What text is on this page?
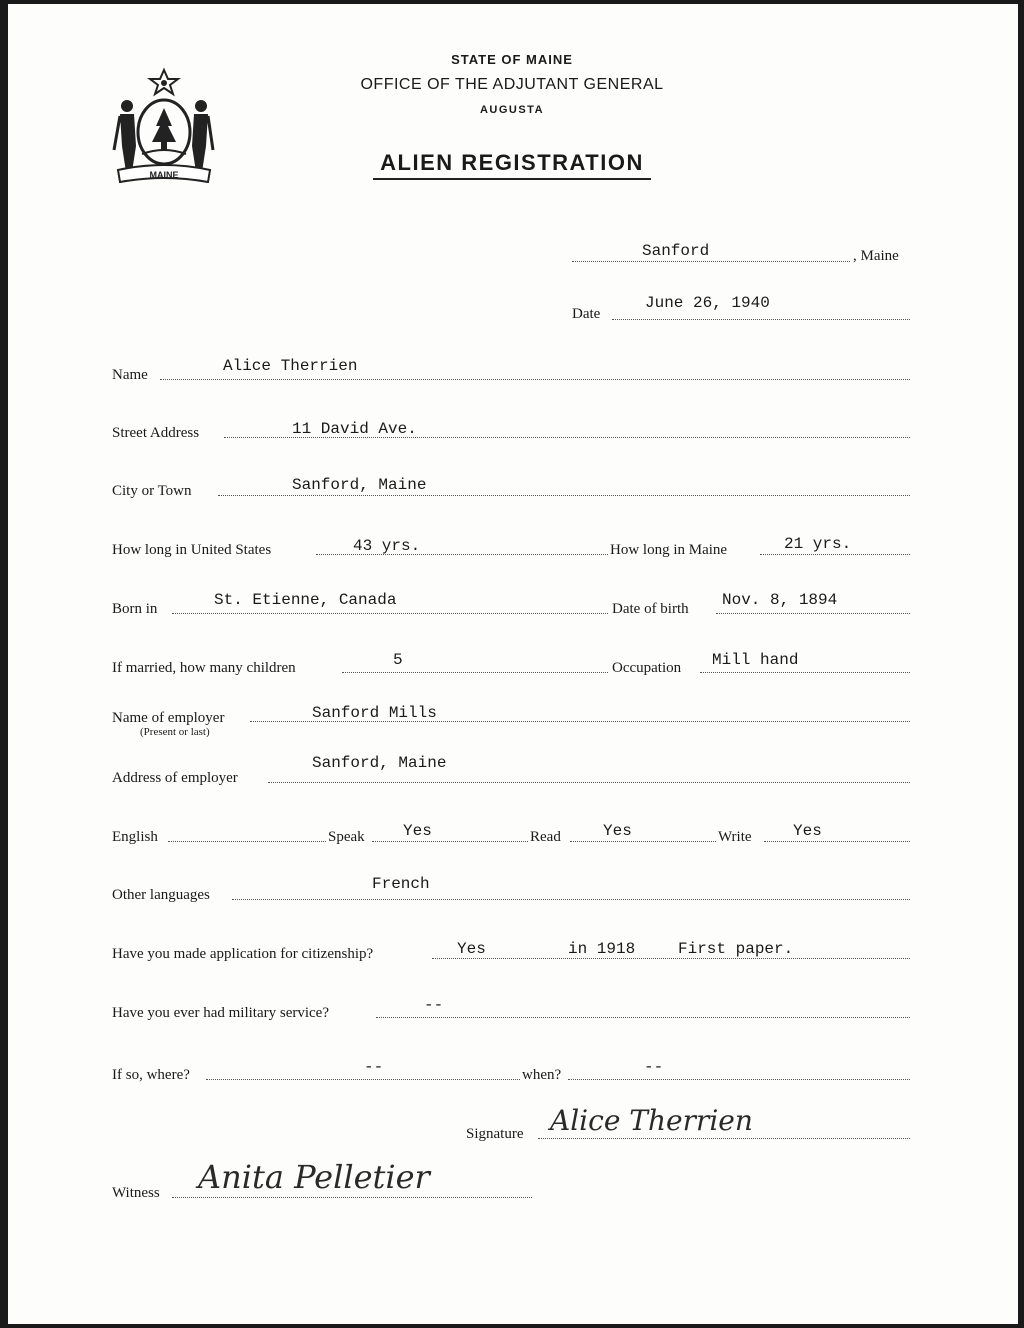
MAINE
STATE OF MAINE
OFFICE OF THE ADJUTANT GENERAL
AUGUSTA
ALIEN REGISTRATION
Sanford	, Maine
Date
June 26, 1940
Name	Alice Therrien
Street Address	11 David Ave.
City or Town	Sanford, Maine
How long in United States	43 yrs.	How long in Maine	21 yrs.
Born in	St. Etienne, Canada	Date of birth Nov. 8, 1894
If married, how many children	5	Occupation Mill hand
Name of employer
(Present or last)
Sanford Mills
Address of employer
Sanford, Maine
English	Speak Yes	Read	Yes	Write	Yes
Other languages
French
Have you made application for citizenship?	Yes	in 1918	First paper.
Have you ever had military service?	--
If so, where?	--	when?	--
Signature Alice Therrien
Witness Anita Pelletier
